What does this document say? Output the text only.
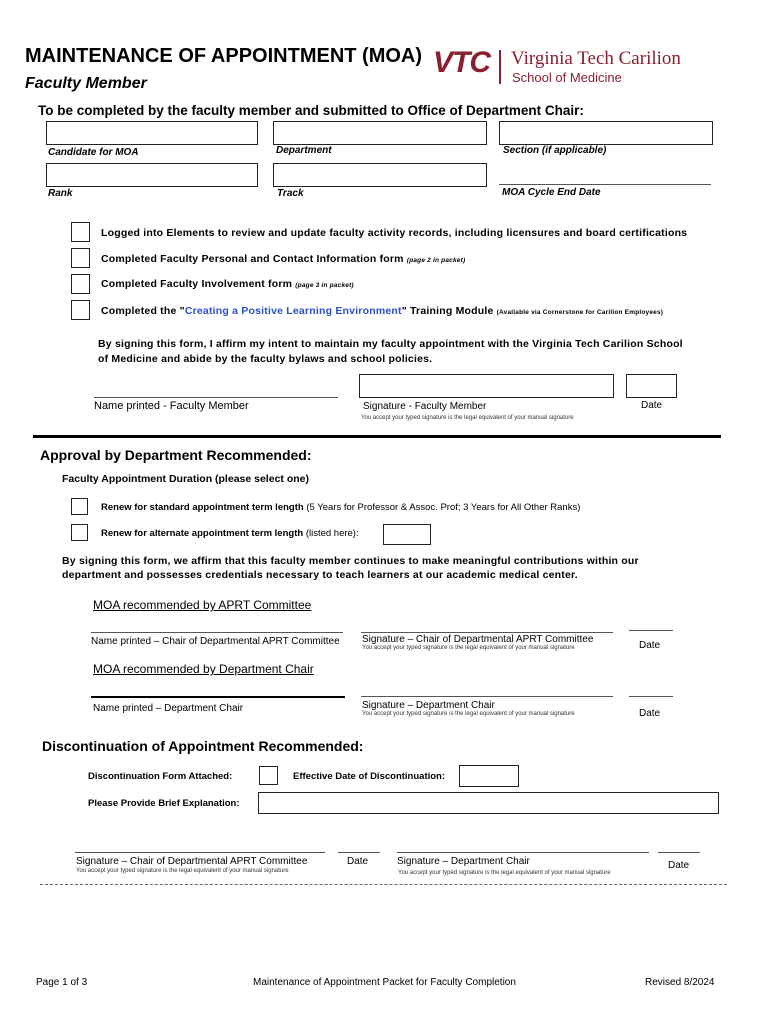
MAINTENANCE OF APPOINTMENT (MOA)
Faculty Member
VTC Virginia Tech Carilion
School of Medicine
To be completed by the faculty member and submitted to Office of Department Chair:
Candidate for MOA	Department	Section (if applicable)
Rank	Track	MOA Cycle End Date
Logged into Elements to review and update faculty activity records, including licensures and board certifications
Completed Faculty Personal and Contact Information form (page 2 in packet)
Completed Faculty Involvement form (page 3 in packet)
Completed the "Creating a Positive Learning Environment" Training Module (Available via Cornerstone for Carilion Employees)
By signing this form, I affirm my intent to maintain my faculty appointment with the Virginia Tech Carilion School of Medicine and abide by the faculty bylaws and school policies.
Name printed - Faculty Member	Signature - Faculty Member
You accept your typed signature is the legal equivalent of your manual signature
Date
Approval by Department Recommended:
Faculty Appointment Duration (please select one)
Renew for standard appointment term length (5 Years for Professor & Assoc. Prof; 3 Years for All Other Ranks)
Renew for alternate appointment term length (listed here):
By signing this form, we affirm that this faculty member continues to make meaningful contributions within our department and possesses credentials necessary to teach learners at our academic medical center.
MOA recommended by APRT Committee
Name printed – Chair of Departmental APRT Committee Signature – Chair of Departmental APRT Committee
You accept your typed signature is the legal equivalent of your manual signature	Date
MOA recommended by Department Chair
Name printed – Department Chair	Signature – Department Chair
You accept your typed signature is the legal equivalent of your manual signature	Date
Discontinuation of Appointment Recommended:
Discontinuation Form Attached:	Effective Date of Discontinuation:
Please Provide Brief Explanation:
Signature – Chair of Departmental APRT Committee
You accept your typed signature is the legal equivalent of your manual signature
Date	Signature – Department Chair
You accept your typed signature is the legal equivalent of your manual signature
Date
Page 1 of 3	Maintenance of Appointment Packet for Faculty Completion	Revised 8/2024
